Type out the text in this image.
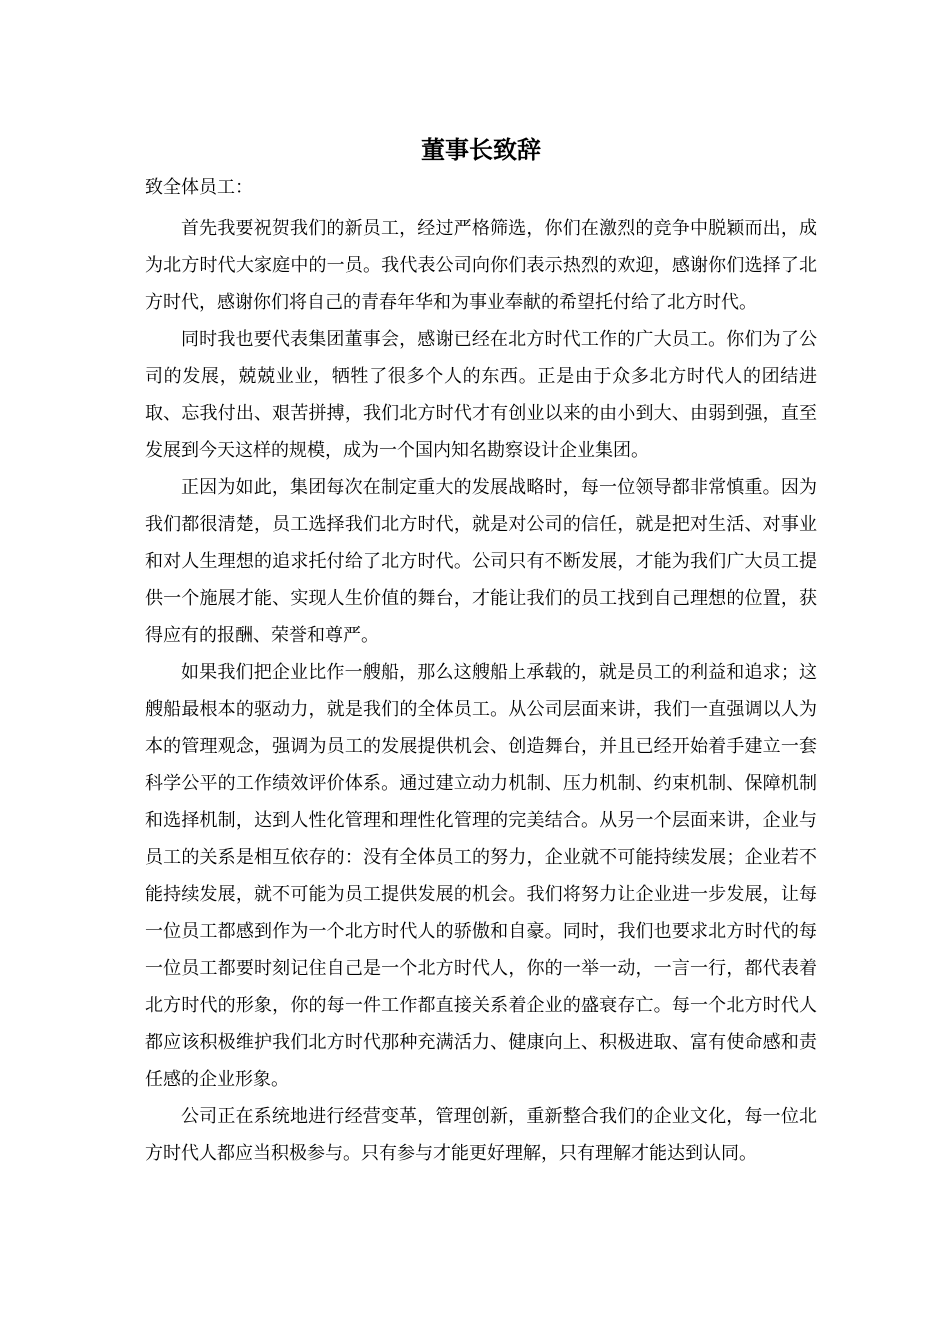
董事长致辞
致全体员工：

首先我要祝贺我们的新员工，经过严格筛选，你们在激烈的竞争中脱颖而出，成为北方时代大家庭中的一员。我代表公司向你们表示热烈的欢迎，感谢你们选择了北方时代，感谢你们将自己的青春年华和为事业奉献的希望托付给了北方时代。

同时我也要代表集团董事会，感谢已经在北方时代工作的广大员工。你们为了公司的发展，兢兢业业，牺牲了很多个人的东西。正是由于众多北方时代人的团结进取、忘我付出、艰苦拼搏，我们北方时代才有创业以来的由小到大、由弱到强，直至发展到今天这样的规模，成为一个国内知名勘察设计企业集团。

正因为如此，集团每次在制定重大的发展战略时，每一位领导都非常慎重。因为我们都很清楚，员工选择我们北方时代，就是对公司的信任，就是把对生活、对事业和对人生理想的追求托付给了北方时代。公司只有不断发展，才能为我们广大员工提供一个施展才能、实现人生价值的舞台，才能让我们的员工找到自己理想的位置，获得应有的报酬、荣誉和尊严。

如果我们把企业比作一艘船，那么这艘船上承载的，就是员工的利益和追求；这艘船最根本的驱动力，就是我们的全体员工。从公司层面来讲，我们一直强调以人为本的管理观念，强调为员工的发展提供机会、创造舞台，并且已经开始着手建立一套科学公平的工作绩效评价体系。通过建立动力机制、压力机制、约束机制、保障机制和选择机制，达到人性化管理和理性化管理的完美结合。从另一个层面来讲，企业与员工的关系是相互依存的：没有全体员工的努力，企业就不可能持续发展；企业若不能持续发展，就不可能为员工提供发展的机会。我们将努力让企业进一步发展，让每一位员工都感到作为一个北方时代人的骄傲和自豪。同时，我们也要求北方时代的每一位员工都要时刻记住自己是一个北方时代人，你的一举一动，一言一行，都代表着北方时代的形象，你的每一件工作都直接关系着企业的盛衰存亡。每一个北方时代人都应该积极维护我们北方时代那种充满活力、健康向上、积极进取、富有使命感和责任感的企业形象。

公司正在系统地进行经营变革，管理创新，重新整合我们的企业文化，每一位北方时代人都应当积极参与。只有参与才能更好理解，只有理解才能达到认同。
